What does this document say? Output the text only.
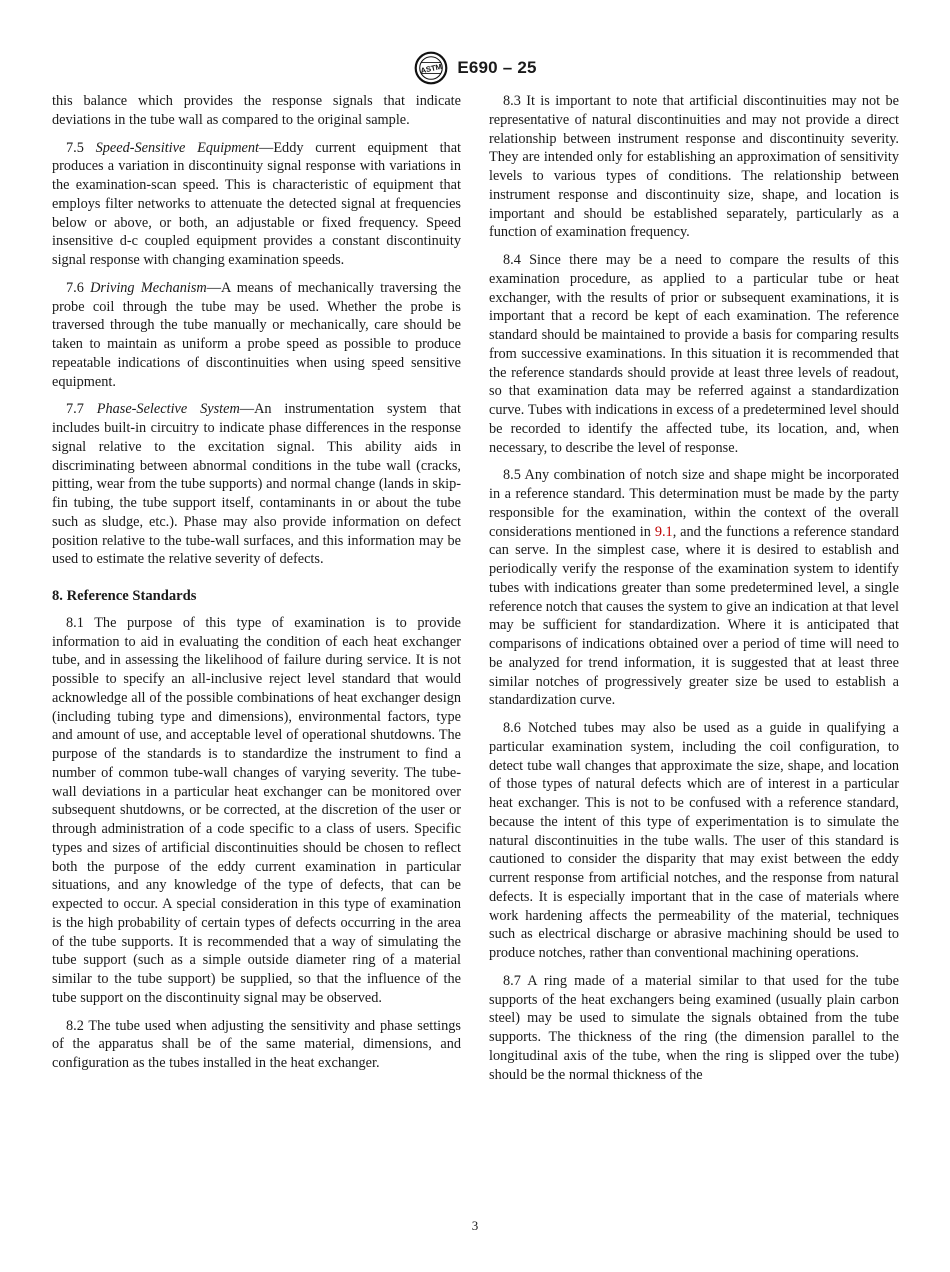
ASTM E690 – 25

this balance which provides the response signals that indicate deviations in the tube wall as compared to the original sample.

7.5 Speed-Sensitive Equipment—Eddy current equipment that produces a variation in discontinuity signal response with variations in the examination-scan speed. This is characteristic of equipment that employs filter networks to attenuate the detected signal at frequencies below or above, or both, an adjustable or fixed frequency. Speed insensitive d-c coupled equipment provides a constant discontinuity signal response with changing examination speeds.

7.6 Driving Mechanism—A means of mechanically traversing the probe coil through the tube may be used. Whether the probe is traversed through the tube manually or mechanically, care should be taken to maintain as uniform a probe speed as possible to produce repeatable indications of discontinuities when using speed sensitive equipment.

7.7 Phase-Selective System—An instrumentation system that includes built-in circuitry to indicate phase differences in the response signal relative to the excitation signal. This ability aids in discriminating between abnormal conditions in the tube wall (cracks, pitting, wear from the tube supports) and normal change (lands in skip-fin tubing, the tube support itself, contaminants in or about the tube such as sludge, etc.). Phase may also provide information on defect position relative to the tube-wall surfaces, and this information may be used to estimate the relative severity of defects.

8. Reference Standards

8.1 The purpose of this type of examination is to provide information to aid in evaluating the condition of each heat exchanger tube, and in assessing the likelihood of failure during service. It is not possible to specify an all-inclusive reject level standard that would acknowledge all of the possible combinations of heat exchanger design (including tubing type and dimensions), environmental factors, type and amount of use, and acceptable level of operational shutdowns. The purpose of the standards is to standardize the instrument to find a number of common tube-wall changes of varying severity. The tube-wall deviations in a particular heat exchanger can be monitored over subsequent shutdowns, or be corrected, at the discretion of the user or through administration of a code specific to a class of users. Specific types and sizes of artificial discontinuities should be chosen to reflect both the purpose of the eddy current examination in particular situations, and any knowledge of the type of defects, that can be expected to occur. A special consideration in this type of examination is the high probability of certain types of defects occurring in the area of the tube supports. It is recommended that a way of simulating the tube support (such as a simple outside diameter ring of a material similar to the tube support) be supplied, so that the influence of the tube support on the discontinuity signal may be observed.

8.2 The tube used when adjusting the sensitivity and phase settings of the apparatus shall be of the same material, dimensions, and configuration as the tubes installed in the heat exchanger.

8.3 It is important to note that artificial discontinuities may not be representative of natural discontinuities and may not provide a direct relationship between instrument response and discontinuity severity. They are intended only for establishing an approximation of sensitivity levels to various types of conditions. The relationship between instrument response and discontinuity size, shape, and location is important and should be established separately, particularly as a function of examination frequency.

8.4 Since there may be a need to compare the results of this examination procedure, as applied to a particular tube or heat exchanger, with the results of prior or subsequent examinations, it is important that a record be kept of each examination. The reference standard should be maintained to provide a basis for comparing results from successive examinations. In this situation it is recommended that the reference standards should provide at least three levels of readout, so that examination data may be referred against a standardization curve. Tubes with indications in excess of a predetermined level should be recorded to identify the affected tube, its location, and, when necessary, to describe the level of response.

8.5 Any combination of notch size and shape might be incorporated in a reference standard. This determination must be made by the party responsible for the examination, within the context of the overall considerations mentioned in 9.1, and the functions a reference standard can serve. In the simplest case, where it is desired to establish and periodically verify the response of the examination system to identify tubes with indications greater than some predetermined level, a single reference notch that causes the system to give an indication at that level may be sufficient for standardization. Where it is anticipated that comparisons of indications obtained over a period of time will need to be analyzed for trend information, it is suggested that at least three similar notches of progressively greater size be used to establish a standardization curve.

8.6 Notched tubes may also be used as a guide in qualifying a particular examination system, including the coil configuration, to detect tube wall changes that approximate the size, shape, and location of those types of natural defects which are of interest in a particular heat exchanger. This is not to be confused with a reference standard, because the intent of this type of experimentation is to simulate the natural discontinuities in the tube walls. The user of this standard is cautioned to consider the disparity that may exist between the eddy current response from artificial notches, and the response from natural defects. It is especially important that in the case of materials where work hardening affects the permeability of the material, techniques such as electrical discharge or abrasive machining should be used to produce notches, rather than conventional machining operations.

8.7 A ring made of a material similar to that used for the tube supports of the heat exchangers being examined (usually plain carbon steel) may be used to simulate the signals obtained from the tube supports. The thickness of the ring (the dimension parallel to the longitudinal axis of the tube, when the ring is slipped over the tube) should be the normal thickness of the

3
